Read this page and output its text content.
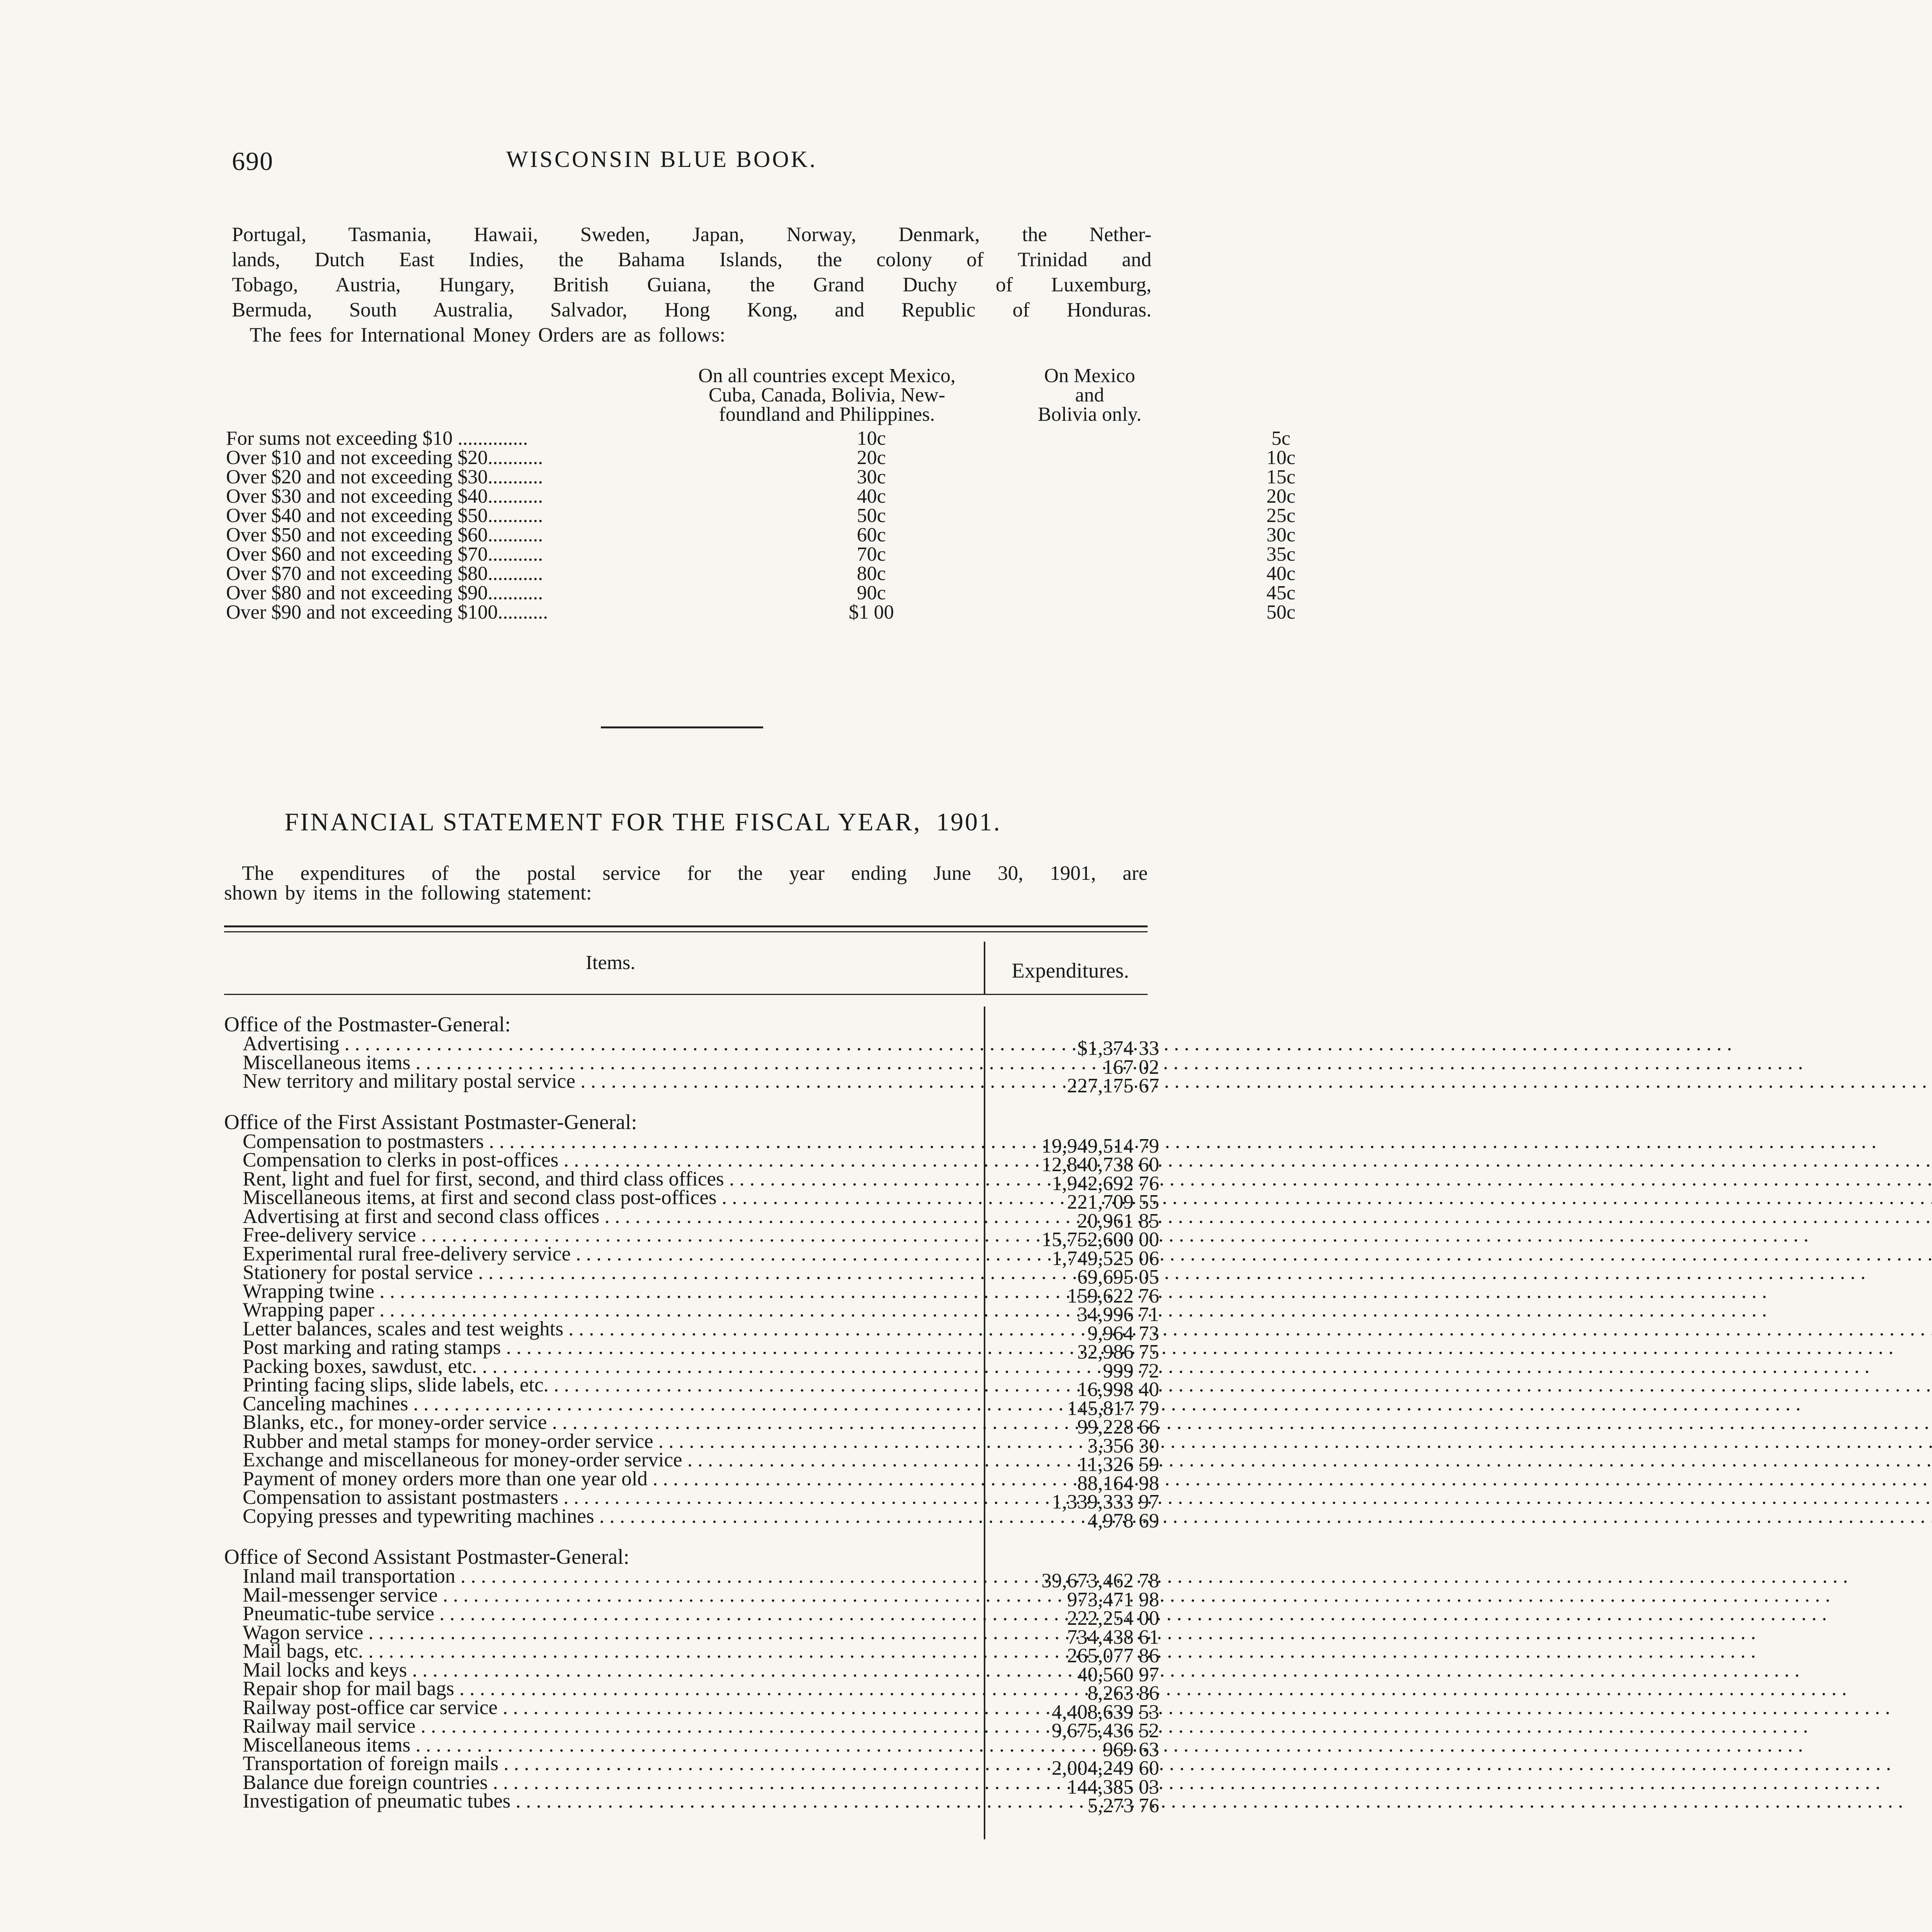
690	WISCONSIN BLUE BOOK.
Portugal, Tasmania, Hawaii, Sweden, Japan, Norway, Denmark, the Nether-
lands, Dutch East Indies, the Bahama Islands, the colony of Trinidad and
Tobago, Austria, Hungary, British Guiana, the Grand Duchy of Luxemburg,
Bermuda, South Australia, Salvador, Hong Kong, and Republic of Honduras.
The fees for International Money Orders are as follows:
On all countries except Mexico,
Cuba, Canada, Bolivia, New-
foundland and Philippines.
On Mexico
and
Bolivia only.
For sums not exceeding $10 ..............	10c	5c
Over $10 and not exceeding $20...........	20c	10c
Over $20 and not exceeding $30...........	30c	15c
Over $30 and not exceeding $40...........	40c	20c
Over $40 and not exceeding $50...........	50c	25c
Over $50 and not exceeding $60...........	60c	30c
Over $60 and not exceeding $70...........	70c	35c
Over $70 and not exceeding $80...........	80c	40c
Over $80 and not exceeding $90...........	90c	45c
Over $90 and not exceeding $100..........	$1 00	50c
FINANCIAL STATEMENT FOR THE FISCAL YEAR, 1901.
The expenditures of the postal service for the year ending June 30, 1901, are
shown by items in the following statement:
Items.	Expenditures.
Office of the Postmaster-General:
Advertising . . .	$1,374 33
Miscellaneous items . . .	167 02
New territory and military postal service . . .	227,175 67
Office of the First Assistant Postmaster-General:
Compensation to postmasters . . .	19,949,514 79
Compensation to clerks in post-offices . . .	12,840,738 60
Rent, light and fuel for first, second, and third class offices . . .	1,942,692 76
Miscellaneous items, at first and second class post-offices . . .	221,709 55
Advertising at first and second class offices . . .	20,961 85
Free-delivery service . . .	15,752,600 00
Experimental rural free-delivery service . . .	1,749,525 06
Stationery for postal service . . .	69,695 05
Wrapping twine . . .	159,622 76
Wrapping paper . . .	34,996 71
Letter balances, scales and test weights . . .	9,964 73
Post marking and rating stamps . . .	32,986 75
Packing boxes, sawdust, etc. . . .	999 72
Printing facing slips, slide labels, etc. . . .	16,998 40
Canceling machines . . .	145,817 79
Blanks, etc., for money-order service . . .	99,228 66
Rubber and metal stamps for money-order service . . .	3,356 30
Exchange and miscellaneous for money-order service . . .	11,326 59
Payment of money orders more than one year old . . .	88,164 98
Compensation to assistant postmasters . . .	1,339,333 97
Copying presses and typewriting machines . . .	4,978 69
Office of Second Assistant Postmaster-General:
Inland mail transportation . . .	39,673,462 78
Mail-messenger service . . .	973,471 98
Pneumatic-tube service . . .	222,254 00
Wagon service . . .	734,438 61
Mail bags, etc. . . .	265,077 86
Mail locks and keys . . .	40,560 97
Repair shop for mail bags . . .	8,263 86
Railway post-office car service . . .	4,408,639 53
Railway mail service . . .	9,675,436 52
Miscellaneous items . . .	969 63
Transportation of foreign mails . . .	2,004,249 60
Balance due foreign countries . . .	144,385 03
Investigation of pneumatic tubes . . .	5,273 76
